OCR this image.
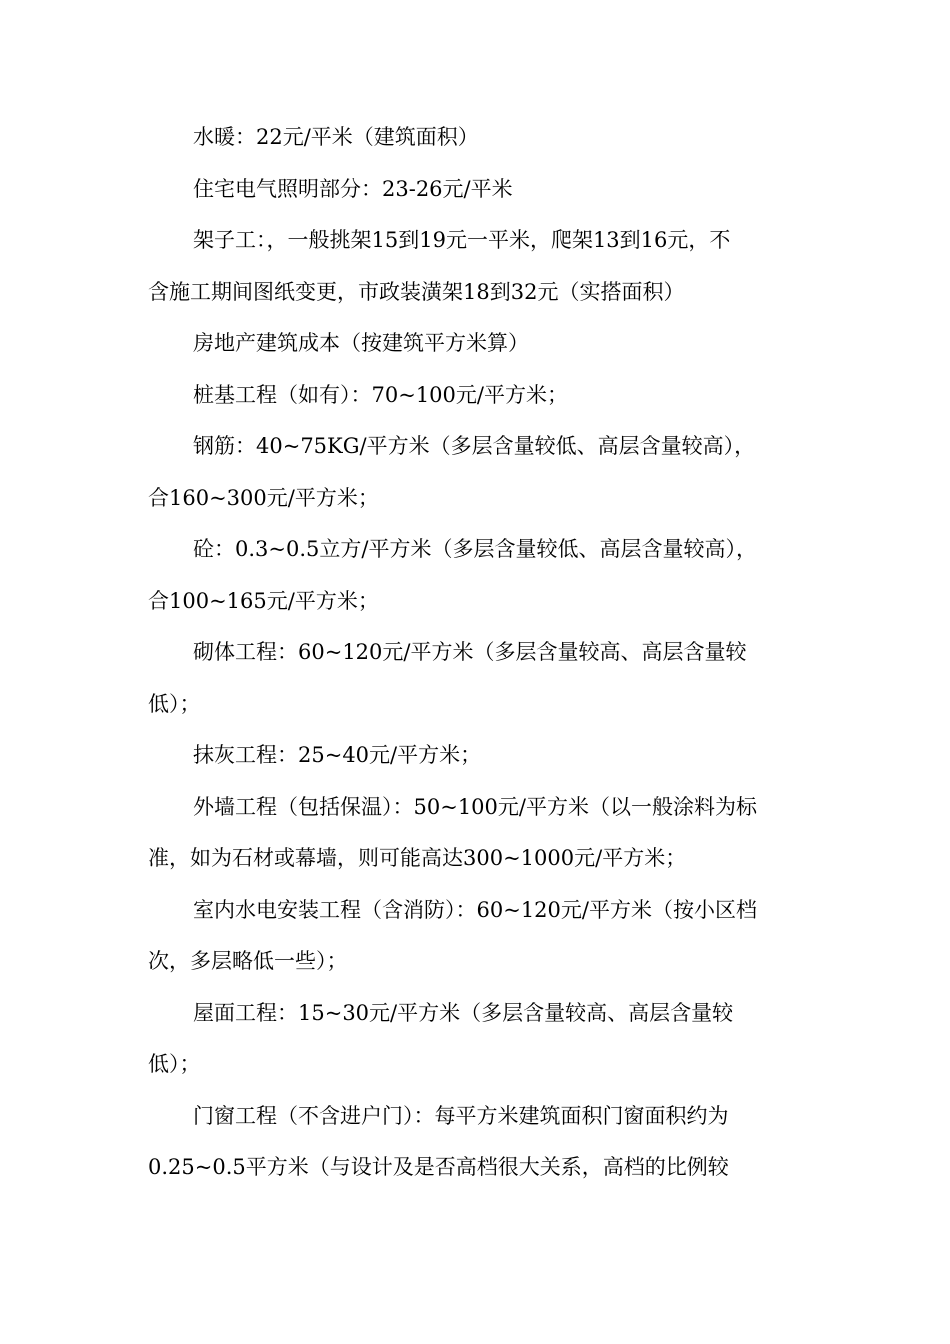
水暖：22元/平米（建筑面积）
住宅电气照明部分：23-26元/平米
架子工：，一般挑架15到19元一平米，爬架13到16元，不
含施工期间图纸变更，市政装潢架18到32元（实搭面积）
房地产建筑成本（按建筑平方米算）
桩基工程（如有）：70~100元/平方米；
钢筋：40~75KG/平方米（多层含量较低、高层含量较高），
合160~300元/平方米；
砼：0.3~0.5立方/平方米（多层含量较低、高层含量较高），
合100~165元/平方米；
砌体工程：60~120元/平方米（多层含量较高、高层含量较
低）；
抹灰工程：25~40元/平方米；
外墙工程（包括保温）：50~100元/平方米（以一般涂料为标
准，如为石材或幕墙，则可能高达300~1000元/平方米；
室内水电安装工程（含消防）：60~120元/平方米（按小区档
次，多层略低一些）；
屋面工程：15~30元/平方米（多层含量较高、高层含量较
低）；
门窗工程（不含进户门）：每平方米建筑面积门窗面积约为
0.25~0.5平方米（与设计及是否高档很大关系，高档的比例较
